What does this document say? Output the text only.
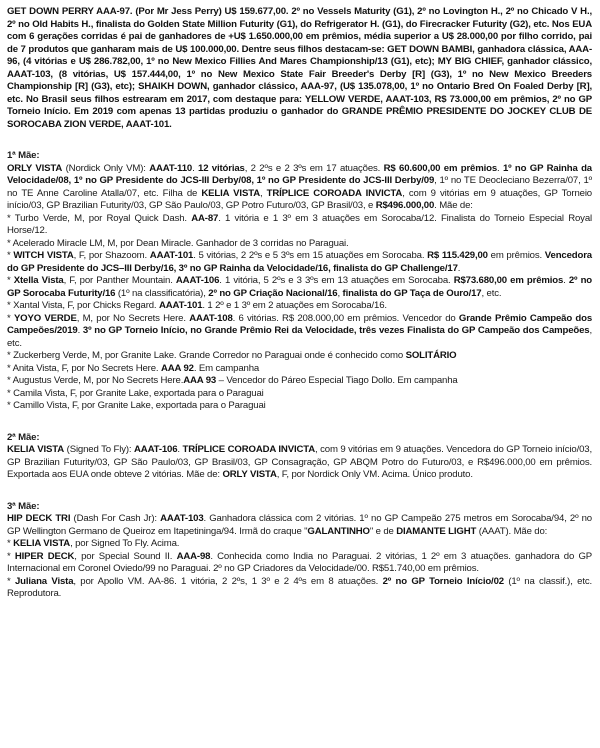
GET DOWN PERRY AAA-97. (Por Mr Jess Perry) U$ 159.677,00. 2º no Vessels Maturity (G1), 2º no Lovington H., 2º no Chicado V H., 2º no Old Habits H., finalista do Golden State Million Futurity (G1), do Refrigerator H. (G1), do Firecracker Futurity (G2), etc. Nos EUA com 6 gerações corridas é pai de ganhadores de +U$ 1.650.000,00 em prêmios, média superior a U$ 28.000,00 por filho corrido, pai de 7 produtos que ganharam mais de U$ 100.000,00. Dentre seus filhos destacam-se: GET DOWN BAMBI, ganhadora clássica, AAA-96, (4 vitórias e U$ 286.782,00, 1º no New Mexico Fillies And Mares Championship/13 (G1), etc); MY BIG CHIEF, ganhador clássico, AAAT-103, (8 vitórias, U$ 157.444,00, 1º no New Mexico State Fair Breeder's Derby [R] (G3), 1º no New Mexico Breeders Championship [R] (G3), etc); SHAIKH DOWN, ganhador clássico, AAA-97, (U$ 135.078,00, 1º no Ontario Bred On Foaled Derby [R], etc. No Brasil seus filhos estrearam em 2017, com destaque para: YELLOW VERDE, AAAT-103, R$ 73.000,00 em prêmios, 2º no GP Torneio Início. Em 2019 com apenas 13 partidas produziu o ganhador do GRANDE PRÊMIO PRESIDENTE DO JOCKEY CLUB DE SOROCABA ZION VERDE, AAAT-101.

1ª Mãe:

ORLY VISTA (Nordick Only VM): AAAT-110. 12 vitórias, 2 2ºs e 2 3ºs em 17 atuações. R$ 60.600,00 em prêmios. 1º no GP Rainha da Velocidade/08, 1º no GP Presidente do JCS-III Derby/08, 1º no GP Presidente do JCS-III Derby/09, 1º no TE Deocleciano Bezerra/07, 1º no TE Anne Caroline Atalla/07, etc. Filha de KELIA VISTA, TRÍPLICE COROADA INVICTA, com 9 vitórias em 9 atuações, GP Torneio início/03, GP Brazilian Futurity/03, GP São Paulo/03, GP Potro Futuro/03, GP Brasil/03, e R$496.000,00. Mãe de:

* Turbo Verde, M, por Royal Quick Dash. AA-87. 1 vitória e 1 3º em 3 atuações em Sorocaba/12. Finalista do Torneio Especial Royal Horse/12.

* Acelerado Miracle LM, M, por Dean Miracle. Ganhador de 3 corridas no Paraguai.

* WITCH VISTA, F, por Shazoom. AAAT-101. 5 vitórias, 2 2ºs e 5 3ºs em 15 atuações em Sorocaba. R$ 115.429,00 em prêmios. Vencedora do GP Presidente do JCS–III Derby/16, 3º no GP Rainha da Velocidade/16, finalista do GP Challenge/17.

* Xtella Vista, F, por Panther Mountain. AAAT-106. 1 vitória, 5 2ºs e 3 3ºs em 13 atuações em Sorocaba. R$73.680,00 em prêmios. 2º no GP Sorocaba Futurity/16 (1º na classificatória), 2º no GP Criação Nacional/16, finalista do GP Taça de Ouro/17, etc.

* Xantal Vista, F, por Chicks Regard. AAAT-101. 1 2º e 1 3º em 2 atuações em Sorocaba/16.

* YOYO VERDE, M, por No Secrets Here. AAAT-108. 6 vitórias. R$ 208.000,00 em prêmios. Vencedor do Grande Prêmio Campeão dos Campeões/2019. 3º no GP Torneio Início, no Grande Prêmio Rei da Velocidade, três vezes Finalista do GP Campeão dos Campeões, etc.

* Zuckerberg Verde, M, por Granite Lake. Grande Corredor no Paraguai onde é conhecido como SOLITÁRIO

* Anita Vista, F, por No Secrets Here. AAA 92. Em campanha

* Augustus Verde, M, por No Secrets Here.AAA 93 – Vencedor do Páreo Especial Tiago Dollo. Em campanha

* Camila Vista, F, por Granite Lake, exportada para o Paraguai

* Camillo Vista, F, por Granite Lake, exportada para o Paraguai

2ª Mãe:

KELIA VISTA (Signed To Fly): AAAT-106. TRÍPLICE COROADA INVICTA, com 9 vitórias em 9 atuações. Vencedora do GP Torneio início/03, GP Brazilian Futurity/03, GP São Paulo/03, GP Brasil/03, GP Consagração, GP ABQM Potro do Futuro/03, e R$496.000,00 em prêmios. Exportada aos EUA onde obteve 2 vitórias. Mãe de: ORLY VISTA, F, por Nordick Only VM. Acima. Único produto.

3ª Mãe:

HIP DECK TRI (Dash For Cash Jr): AAAT-103. Ganhadora clássica com 2 vitórias. 1º no GP Campeão 275 metros em Sorocaba/94, 2º no GP Wellington Germano de Queiroz em Itapetininga/94. Irmã do craque "GALANTINHO" e de DIAMANTE LIGHT (AAAT). Mãe do:

* KELIA VISTA, por Signed To Fly. Acima.

* HIPER DECK, por Special Sound II. AAA-98. Conhecida como India no Paraguai. 2 vitórias, 1 2º em 3 atuações. ganhadora do GP Internacional em Coronel Oviedo/99 no Paraguai. 2º no GP Criadores da Velocidade/00. R$51.740,00 em prêmios.

* Juliana Vista, por Apollo VM. AA-86. 1 vitória, 2 2ºs, 1 3º e 2 4ºs em 8 atuações. 2º no GP Torneio Início/02 (1º na classif.), etc. Reprodutora.
